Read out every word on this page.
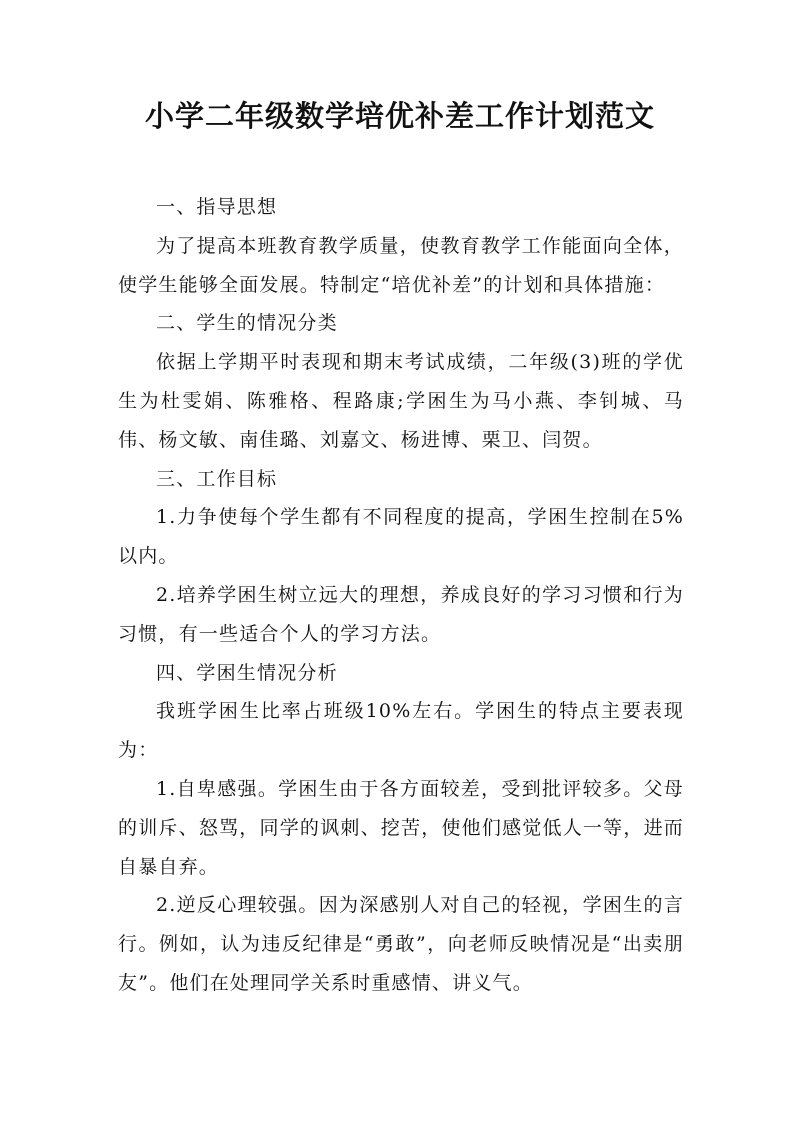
小学二年级数学培优补差工作计划范文

一、指导思想

为了提高本班教育教学质量，使教育教学工作能面向全体，使学生能够全面发展。特制定“培优补差”的计划和具体措施：

二、学生的情况分类

依据上学期平时表现和期末考试成绩，二年级(3)班的学优生为杜雯娟、陈雅格、程路康;学困生为马小燕、李钊城、马伟、杨文敏、南佳璐、刘嘉文、杨进博、栗卫、闫贺。

三、工作目标

1.力争使每个学生都有不同程度的提高，学困生控制在5%以内。

2.培养学困生树立远大的理想，养成良好的学习习惯和行为习惯，有一些适合个人的学习方法。

四、学困生情况分析

我班学困生比率占班级10%左右。学困生的特点主要表现为：

1.自卑感强。学困生由于各方面较差，受到批评较多。父母的训斥、怒骂，同学的讽刺、挖苦，使他们感觉低人一等，进而自暴自弃。

2.逆反心理较强。因为深感别人对自己的轻视，学困生的言行。例如，认为违反纪律是“勇敢”，向老师反映情况是“出卖朋友”。他们在处理同学关系时重感情、讲义气。
